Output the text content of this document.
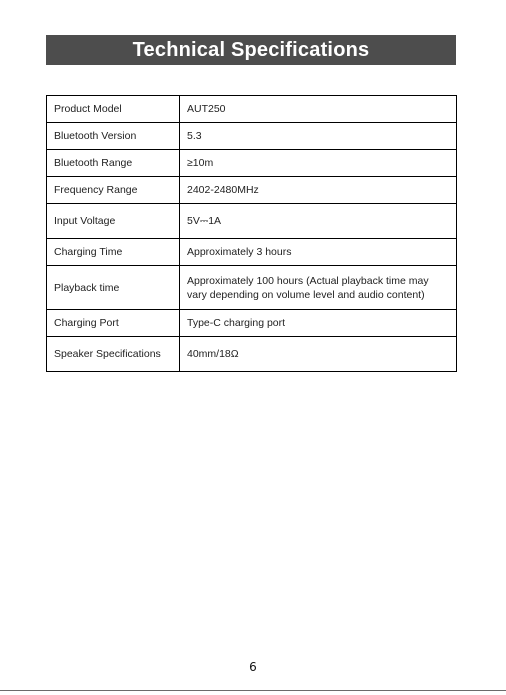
Technical Specifications
Product Model	AUT250
Bluetooth Version	5.3
Bluetooth Range	≥10m
Frequency Range	2402-2480MHz
Input Voltage	5V⎓1A
Charging Time	Approximately 3 hours
Playback time	Approximately 100 hours (Actual playback time may vary depending on volume level and audio content)
Charging Port	Type-C charging port
Speaker Specifications	40mm/18Ω
6
